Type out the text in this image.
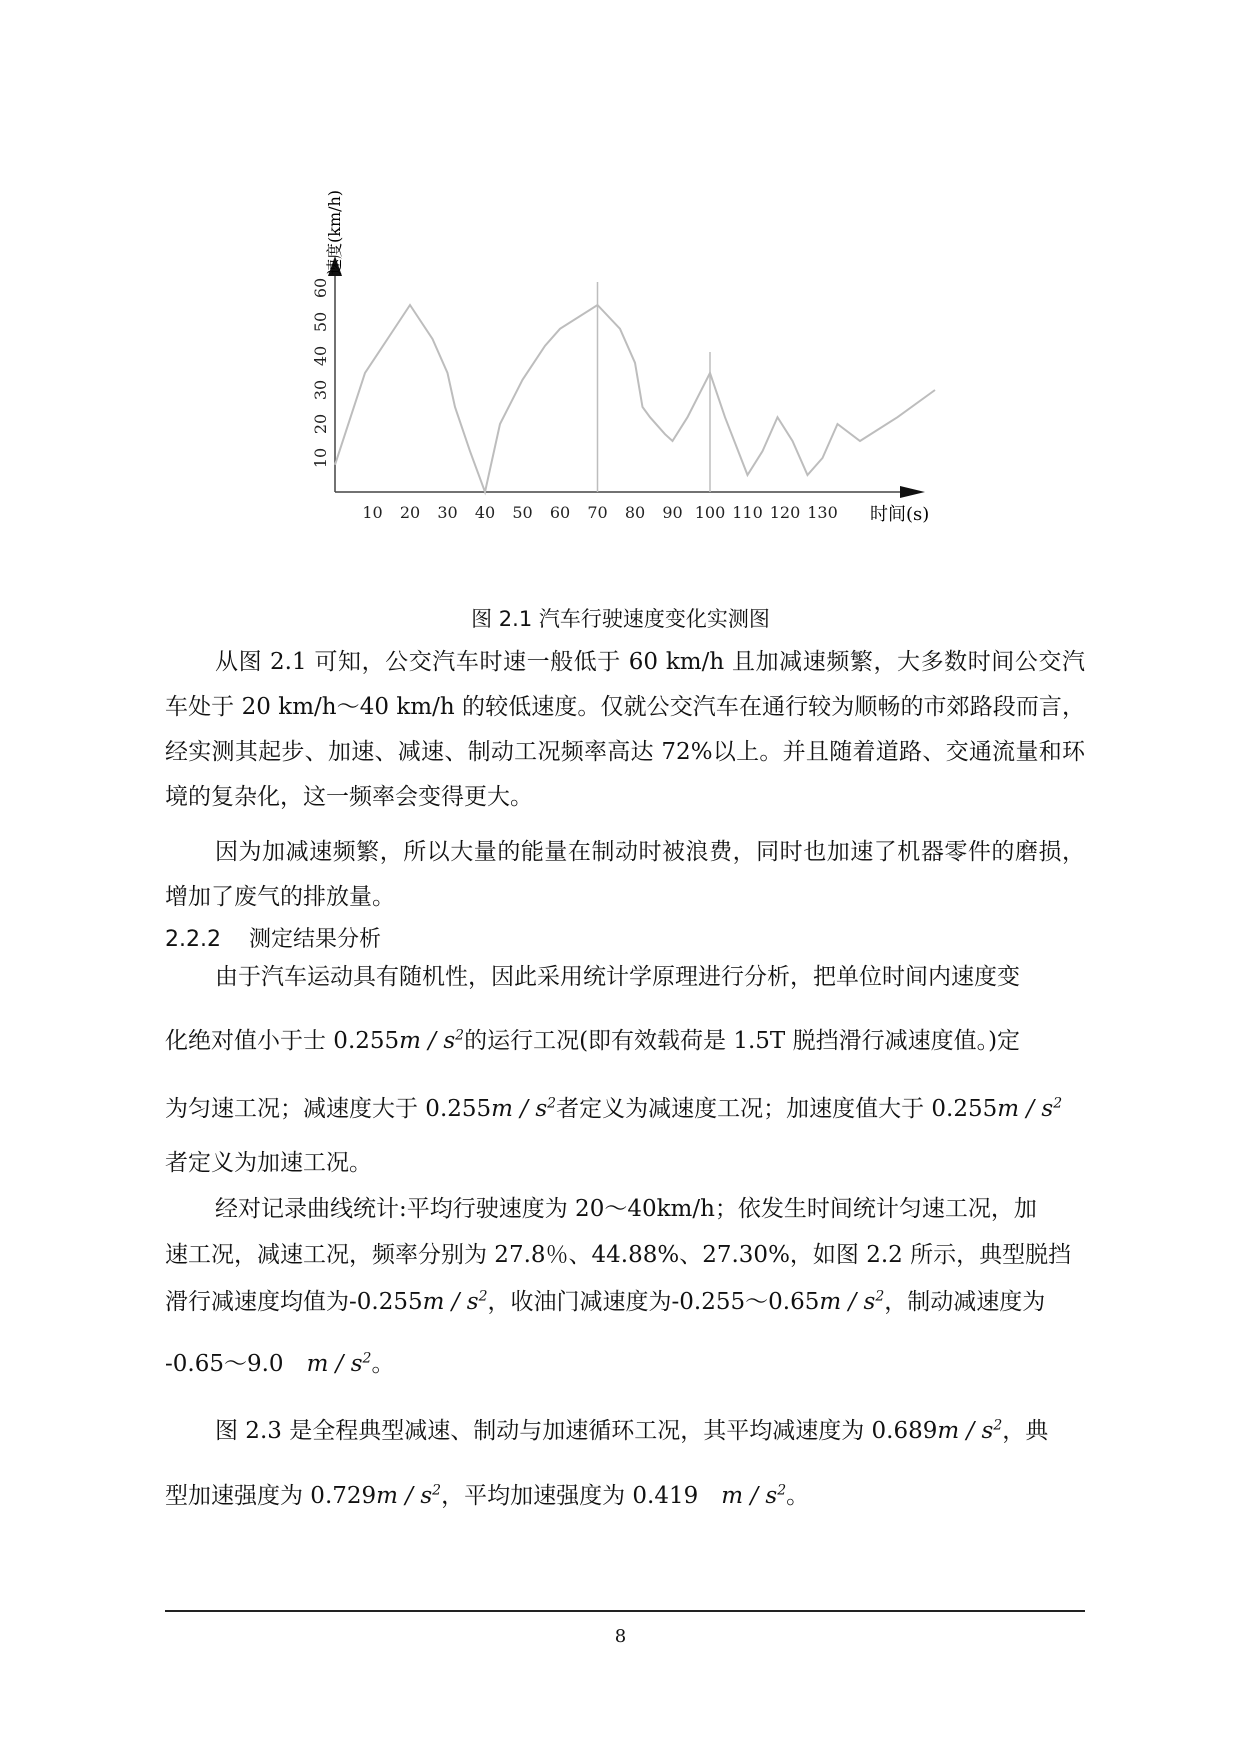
10 20 30 40 50 60 70 80 90 100 110 120 130
10
20
30
40
50
60
时间(s)
速度(km/h)
图 2.1 汽车行驶速度变化实测图
从图 2.1 可知，公交汽车时速一般低于 60 km/h 且加减速频繁，大多数时间公交汽车处于 20 km/h～40 km/h 的较低速度。仅就公交汽车在通行较为顺畅的市郊路段而言，经实测其起步、加速、减速、制动工况频率高达 72%以上。并且随着道路、交通流量和环境的复杂化，这一频率会变得更大。
因为加减速频繁，所以大量的能量在制动时被浪费，同时也加速了机器零件的磨损，增加了废气的排放量。
2.2.2 测定结果分析
由于汽车运动具有随机性，因此采用统计学原理进行分析，把单位时间内速度变
化绝对值小于士 $0.255m / s^2$的运行工况(即有效载荷是 1.5T 脱挡滑行减速度值。)定
为匀速工况；减速度大于 $0.255m / s^2$者定义为减速度工况；加速度值大于 $0.255m / s^2$
者定义为加速工况。
经对记录曲线统计:平均行驶速度为 20～40km/h；依发生时间统计匀速工况，加
速工况，减速工况，频率分别为 27.8％、44.88%、27.30%，如图 2.2 所示，典型脱挡
滑行减速度均值为$-0.255m / s^2$，收油门减速度为-0.255～0.65m / $s^2$，制动减速度为
-0.65～9.0　m / $s^2$。
图 2.3 是全程典型减速、制动与加速循环工况，其平均减速度为 $0.689m / s^2$，典
型加速强度为 $0.729m / s^2$，平均加速强度为 0.419　m / $s^2$。
8
